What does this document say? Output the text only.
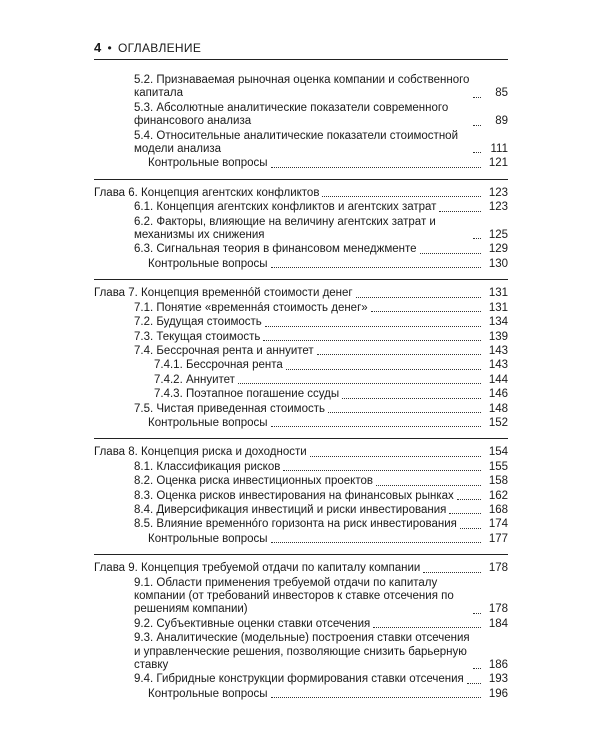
4 • ОГЛАВЛЕНИЕ
5.2. Признаваемая рыночная оценка компании и собственного капитала	85
5.3. Абсолютные аналитические показатели современного финансового анализа	89
5.4. Относительные аналитические показатели стоимостной модели анализа	111
Контрольные вопросы	121
Глава 6. Концепция агентских конфликтов	123
6.1. Концепция агентских конфликтов и агентских затрат	123
6.2. Факторы, влияющие на величину агентских затрат и механизмы их снижения	125
6.3. Сигнальная теория в финансовом менеджменте	129
Контрольные вопросы	130
Глава 7. Концепция временнóй стоимости денег	131
7.1. Понятие «временнáя стоимость денег»	131
7.2. Будущая стоимость	134
7.3. Текущая стоимость	139
7.4. Бессрочная рента и аннуитет	143
7.4.1. Бессрочная рента	143
7.4.2. Аннуитет	144
7.4.3. Поэтапное погашение ссуды	146
7.5. Чистая приведенная стоимость	148
Контрольные вопросы	152
Глава 8. Концепция риска и доходности	154
8.1. Классификация рисков	155
8.2. Оценка риска инвестиционных проектов	158
8.3. Оценка рисков инвестирования на финансовых рынках	162
8.4. Диверсификация инвестиций и риски инвестирования	168
8.5. Влияние временнóго горизонта на риск инвестирования	174
Контрольные вопросы	177
Глава 9. Концепция требуемой отдачи по капиталу компании	178
9.1. Области применения требуемой отдачи по капиталу компании (от требований инвесторов к ставке отсечения по решениям компании)	178
9.2. Субъективные оценки ставки отсечения	184
9.3. Аналитические (модельные) построения ставки отсечения и управленческие решения, позволяющие снизить барьерную ставку	186
9.4. Гибридные конструкции формирования ставки отсечения	193
Контрольные вопросы	196
